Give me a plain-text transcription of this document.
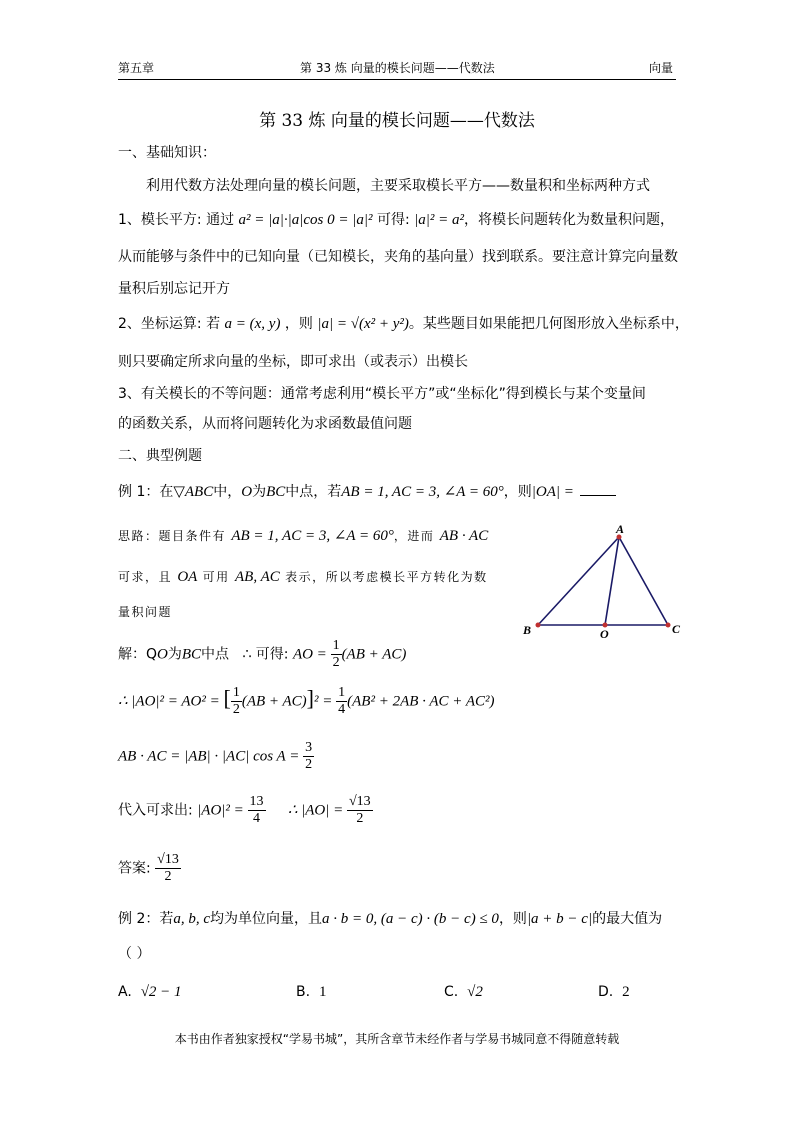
第五章	第 33 炼 向量的模长问题——代数法	向量
第 33 炼 向量的模长问题——代数法
一、基础知识：
利用代数方法处理向量的模长问题，主要采取模长平方——数量积和坐标两种方式
1、模长平方: 通过 a² = |a|·|a|cos 0 = |a|² 可得: |a|² = a²，将模长问题转化为数量积问题，
从而能够与条件中的已知向量（已知模长，夹角的基向量）找到联系。要注意计算完向量数
量积后别忘记开方
2、坐标运算: 若 a = (x, y) ，则 |a| = √(x² + y²)。某些题目如果能把几何图形放入坐标系中，
则只要确定所求向量的坐标，即可求出（或表示）出模长
3、有关模长的不等问题：通常考虑利用“模长平方”或“坐标化”得到模长与某个变量间
的函数关系，从而将问题转化为求函数最值问题
二、典型例题
例 1：在▽ABC中，O为BC中点，若AB = 1, AC = 3, ∠A = 60°，则|OA| =
思路：题目条件有 AB = 1, AC = 3, ∠A = 60°，进而 AB · AC
可求，且 OA 可用 AB, AC 表示，所以考虑模长平方转化为数
量积问题
A
B	O	C
解：QO为BC中点 ∴ 可得: AO = $\frac{1}{2} (AB + AC)$
∴ |AO|² = AO² = [ $\frac{1}{2} (AB + AC)]^2 = \frac{1}{4} (AB^2 + 2AB$ · AC + AC²)
AB · AC = |AB| · |AC| $\cos A = \frac{3}{2}$
代入可求出: $|AO|^2 = \frac{13}{4}$ ∴ $|AO| = \frac{√13}{2}$
答案: $\frac{√13}{2}$
例 2：若a, b, c均为单位向量，且a · b = 0, (a − c) · (b − c) ≤ 0，则|a + b − c|的最大值为
（ ）
A. √2 − 1	B. 1	C. √2	D. 2
本书由作者独家授权“学易书城”，其所含章节未经作者与学易书城同意不得随意转载
